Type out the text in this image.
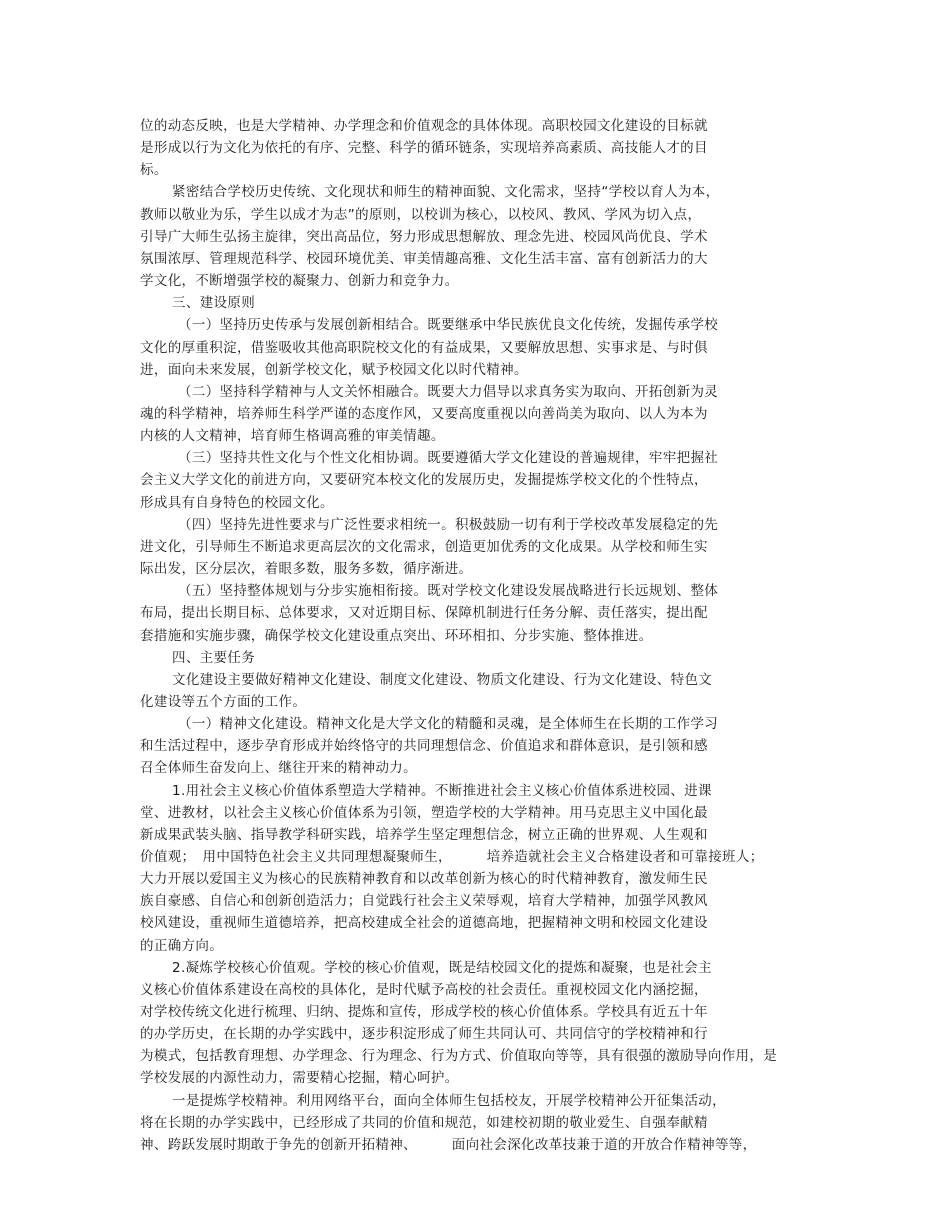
位的动态反映，也是大学精神、办学理念和价值观念的具体体现。高职校园文化建设的目标就
是形成以行为文化为依托的有序、完整、科学的循环链条，实现培养高素质、高技能人才的目
标。
紧密结合学校历史传统、文化现状和师生的精神面貌、文化需求，坚持“学校以育人为本，
教师以敬业为乐，学生以成才为志”的原则，以校训为核心，以校风、教风、学风为切入点，
引导广大师生弘扬主旋律，突出高品位，努力形成思想解放、理念先进、校园风尚优良、学术
氛围浓厚、管理规范科学、校园环境优美、审美情趣高雅、文化生活丰富、富有创新活力的大
学文化，不断增强学校的凝聚力、创新力和竞争力。
三、建设原则
（一）坚持历史传承与发展创新相结合。既要继承中华民族优良文化传统，发掘传承学校
文化的厚重积淀，借鉴吸收其他高职院校文化的有益成果，又要解放思想、实事求是、与时俱
进，面向未来发展，创新学校文化，赋予校园文化以时代精神。
（二）坚持科学精神与人文关怀相融合。既要大力倡导以求真务实为取向、开拓创新为灵
魂的科学精神，培养师生科学严谨的态度作风，又要高度重视以向善尚美为取向、以人为本为
内核的人文精神，培育师生格调高雅的审美情趣。
（三）坚持共性文化与个性文化相协调。既要遵循大学文化建设的普遍规律，牢牢把握社
会主义大学文化的前进方向，又要研究本校文化的发展历史，发掘提炼学校文化的个性特点，
形成具有自身特色的校园文化。
（四）坚持先进性要求与广泛性要求相统一。积极鼓励一切有利于学校改革发展稳定的先
进文化，引导师生不断追求更高层次的文化需求，创造更加优秀的文化成果。从学校和师生实
际出发，区分层次，着眼多数，服务多数，循序渐进。
（五）坚持整体规划与分步实施相衔接。既对学校文化建设发展战略进行长远规划、整体
布局，提出长期目标、总体要求，又对近期目标、保障机制进行任务分解、责任落实，提出配
套措施和实施步骤，确保学校文化建设重点突出、环环相扣、分步实施、整体推进。
四、主要任务
文化建设主要做好精神文化建设、制度文化建设、物质文化建设、行为文化建设、特色文
化建设等五个方面的工作。
（一）精神文化建设。精神文化是大学文化的精髓和灵魂，是全体师生在长期的工作学习
和生活过程中，逐步孕育形成并始终恪守的共同理想信念、价值追求和群体意识，是引领和感
召全体师生奋发向上、继往开来的精神动力。
1.用社会主义核心价值体系塑造大学精神。不断推进社会主义核心价值体系进校园、进课
堂、进教材，以社会主义核心价值体系为引领，塑造学校的大学精神。用马克思主义中国化最
新成果武装头脑、指导教学科研实践，培养学生坚定理想信念，树立正确的世界观、人生观和
价值观；　用中国特色社会主义共同理想凝聚师生，　　　培养造就社会主义合格建设者和可靠接班人；
大力开展以爱国主义为核心的民族精神教育和以改革创新为核心的时代精神教育，激发师生民
族自豪感、自信心和创新创造活力；自觉践行社会主义荣辱观，培育大学精神，加强学风教风
校风建设，重视师生道德培养，把高校建成全社会的道德高地，把握精神文明和校园文化建设
的正确方向。
2.凝炼学校核心价值观。学校的核心价值观，既是结校园文化的提炼和凝聚，也是社会主
义核心价值体系建设在高校的具体化，是时代赋予高校的社会责任。重视校园文化内涵挖掘，
对学校传统文化进行梳理、归纳、提炼和宣传，形成学校的核心价值体系。学校具有近五十年
的办学历史，在长期的办学实践中，逐步积淀形成了师生共同认可、共同信守的学校精神和行
为模式，包括教育理想、办学理念、行为理念、行为方式、价值取向等等，具有很强的激励导向作用，是
学校发展的内源性动力，需要精心挖掘，精心呵护。
一是提炼学校精神。利用网络平台，面向全体师生包括校友，开展学校精神公开征集活动，
将在长期的办学实践中，已经形成了共同的价值和规范，如建校初期的敬业爱生、自强奉献精
神、跨跃发展时期敢于争先的创新开拓精神、　　　面向社会深化改革技兼于道的开放合作精神等等，
